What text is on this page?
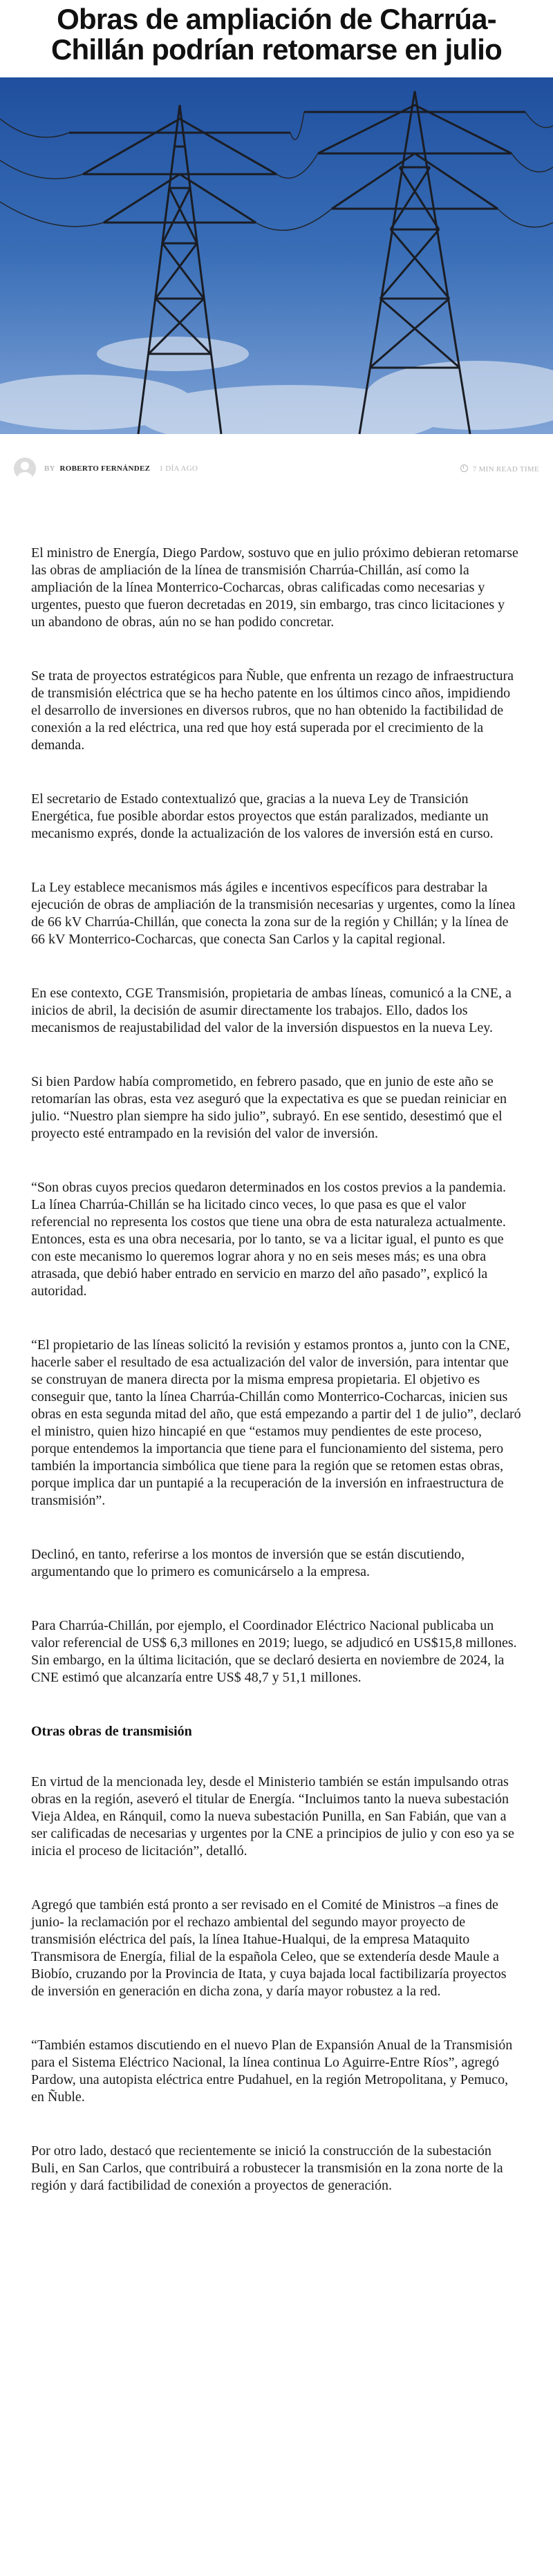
Obras de ampliación de Charrúa-Chillán podrían retomarse en julio
BY ROBERTO FERNÁNDEZ 1 DÍA AGO	7 MIN READ TIME

El ministro de Energía, Diego Pardow, sostuvo que en julio próximo debieran retomarse las obras de ampliación de la línea de transmisión Charrúa-Chillán, así como la ampliación de la línea Monterrico-Cocharcas, obras calificadas como necesarias y urgentes, puesto que fueron decretadas en 2019, sin embargo, tras cinco licitaciones y un abandono de obras, aún no se han podido concretar.

Se trata de proyectos estratégicos para Ñuble, que enfrenta un rezago de infraestructura de transmisión eléctrica que se ha hecho patente en los últimos cinco años, impidiendo el desarrollo de inversiones en diversos rubros, que no han obtenido la factibilidad de conexión a la red eléctrica, una red que hoy está superada por el crecimiento de la demanda.

El secretario de Estado contextualizó que, gracias a la nueva Ley de Transición Energética, fue posible abordar estos proyectos que están paralizados, mediante un mecanismo exprés, donde la actualización de los valores de inversión está en curso.

La Ley establece mecanismos más ágiles e incentivos específicos para destrabar la ejecución de obras de ampliación de la transmisión necesarias y urgentes, como la línea de 66 kV Charrúa-Chillán, que conecta la zona sur de la región y Chillán; y la línea de 66 kV Monterrico-Cocharcas, que conecta San Carlos y la capital regional.

En ese contexto, CGE Transmisión, propietaria de ambas líneas, comunicó a la CNE, a inicios de abril, la decisión de asumir directamente los trabajos. Ello, dados los mecanismos de reajustabilidad del valor de la inversión dispuestos en la nueva Ley.

Si bien Pardow había comprometido, en febrero pasado, que en junio de este año se retomarían las obras, esta vez aseguró que la expectativa es que se puedan reiniciar en julio. “Nuestro plan siempre ha sido julio”, subrayó. En ese sentido, desestimó que el proyecto esté entrampado en la revisión del valor de inversión.

“Son obras cuyos precios quedaron determinados en los costos previos a la pandemia. La línea Charrúa-Chillán se ha licitado cinco veces, lo que pasa es que el valor referencial no representa los costos que tiene una obra de esta naturaleza actualmente. Entonces, esta es una obra necesaria, por lo tanto, se va a licitar igual, el punto es que con este mecanismo lo queremos lograr ahora y no en seis meses más; es una obra atrasada, que debió haber entrado en servicio en marzo del año pasado”, explicó la autoridad.

“El propietario de las líneas solicitó la revisión y estamos prontos a, junto con la CNE, hacerle saber el resultado de esa actualización del valor de inversión, para intentar que se construyan de manera directa por la misma empresa propietaria. El objetivo es conseguir que, tanto la línea Charrúa-Chillán como Monterrico-Cocharcas, inicien sus obras en esta segunda mitad del año, que está empezando a partir del 1 de julio”, declaró el ministro, quien hizo hincapié en que “estamos muy pendientes de este proceso, porque entendemos la importancia que tiene para el funcionamiento del sistema, pero también la importancia simbólica que tiene para la región que se retomen estas obras, porque implica dar un puntapié a la recuperación de la inversión en infraestructura de transmisión”.

Declinó, en tanto, referirse a los montos de inversión que se están discutiendo, argumentando que lo primero es comunicárselo a la empresa.

Para Charrúa-Chillán, por ejemplo, el Coordinador Eléctrico Nacional publicaba un valor referencial de US$ 6,3 millones en 2019; luego, se adjudicó en US$15,8 millones. Sin embargo, en la última licitación, que se declaró desierta en noviembre de 2024, la CNE estimó que alcanzaría entre US$ 48,7 y 51,1 millones.

Otras obras de transmisión

En virtud de la mencionada ley, desde el Ministerio también se están impulsando otras obras en la región, aseveró el titular de Energía. “Incluimos tanto la nueva subestación Vieja Aldea, en Ránquil, como la nueva subestación Punilla, en San Fabián, que van a ser calificadas de necesarias y urgentes por la CNE a principios de julio y con eso ya se inicia el proceso de licitación”, detalló.

Agregó que también está pronto a ser revisado en el Comité de Ministros –a fines de junio- la reclamación por el rechazo ambiental del segundo mayor proyecto de transmisión eléctrica del país, la línea Itahue-Hualqui, de la empresa Mataquito Transmisora de Energía, filial de la española Celeo, que se extendería desde Maule a Biobío, cruzando por la Provincia de Itata, y cuya bajada local factibilizaría proyectos de inversión en generación en dicha zona, y daría mayor robustez a la red.

“También estamos discutiendo en el nuevo Plan de Expansión Anual de la Transmisión para el Sistema Eléctrico Nacional, la línea continua Lo Aguirre-Entre Ríos”, agregó Pardow, una autopista eléctrica entre Pudahuel, en la región Metropolitana, y Pemuco, en Ñuble.

Por otro lado, destacó que recientemente se inició la construcción de la subestación Buli, en San Carlos, que contribuirá a robustecer la transmisión en la zona norte de la región y dará factibilidad de conexión a proyectos de generación.
